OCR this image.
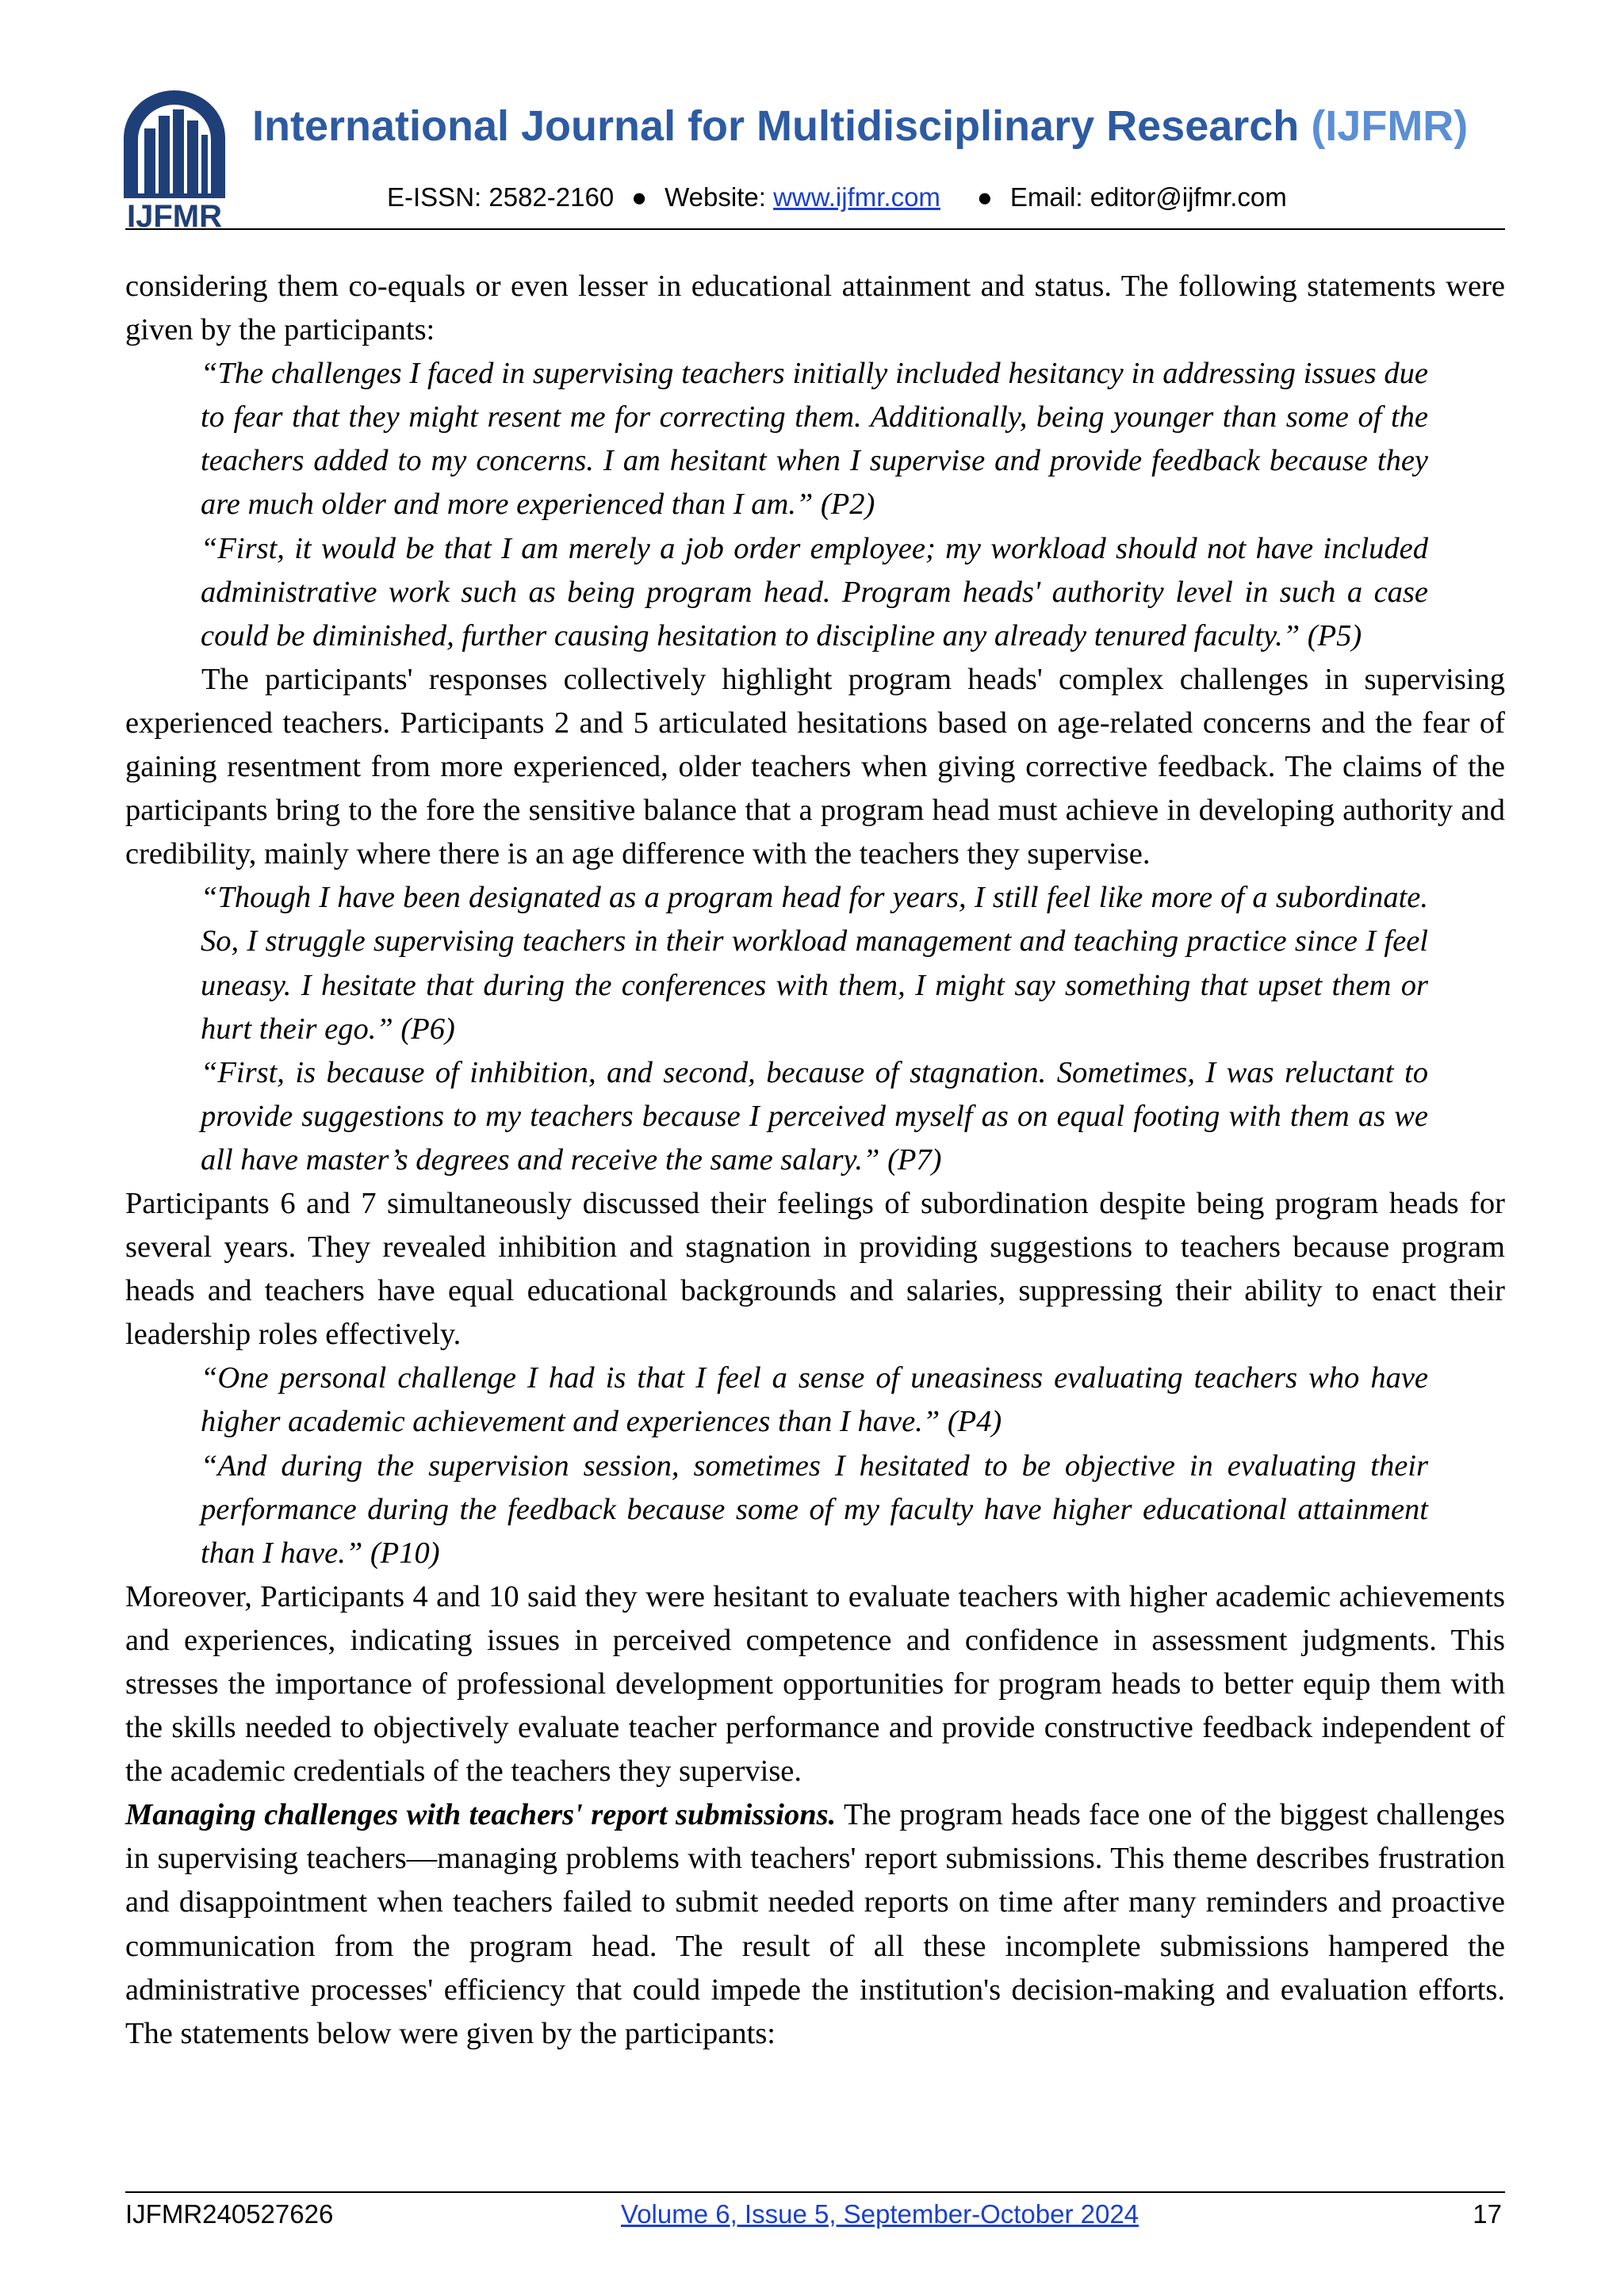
IJFMR
International Journal for Multidisciplinary Research (IJFMR)
E-ISSN: 2582-2160 ● Website: www.ijfmr.com ● Email: editor@ijfmr.com

considering them co-equals or even lesser in educational attainment and status. The following statements were given by the participants:

“The challenges I faced in supervising teachers initially included hesitancy in addressing issues due to fear that they might resent me for correcting them. Additionally, being younger than some of the teachers added to my concerns. I am hesitant when I supervise and provide feedback because they are much older and more experienced than I am.” (P2)

“First, it would be that I am merely a job order employee; my workload should not have included administrative work such as being program head. Program heads' authority level in such a case could be diminished, further causing hesitation to discipline any already tenured faculty.” (P5)

The participants' responses collectively highlight program heads' complex challenges in supervising experienced teachers. Participants 2 and 5 articulated hesitations based on age-related concerns and the fear of gaining resentment from more experienced, older teachers when giving corrective feedback. The claims of the participants bring to the fore the sensitive balance that a program head must achieve in developing authority and credibility, mainly where there is an age difference with the teachers they supervise.

“Though I have been designated as a program head for years, I still feel like more of a subordinate. So, I struggle supervising teachers in their workload management and teaching practice since I feel uneasy. I hesitate that during the conferences with them, I might say something that upset them or hurt their ego.” (P6)

“First, is because of inhibition, and second, because of stagnation. Sometimes, I was reluctant to provide suggestions to my teachers because I perceived myself as on equal footing with them as we all have master’s degrees and receive the same salary.” (P7)

Participants 6 and 7 simultaneously discussed their feelings of subordination despite being program heads for several years. They revealed inhibition and stagnation in providing suggestions to teachers because program heads and teachers have equal educational backgrounds and salaries, suppressing their ability to enact their leadership roles effectively.

“One personal challenge I had is that I feel a sense of uneasiness evaluating teachers who have higher academic achievement and experiences than I have.” (P4)

“And during the supervision session, sometimes I hesitated to be objective in evaluating their performance during the feedback because some of my faculty have higher educational attainment than I have.” (P10)

Moreover, Participants 4 and 10 said they were hesitant to evaluate teachers with higher academic achievements and experiences, indicating issues in perceived competence and confidence in assessment judgments. This stresses the importance of professional development opportunities for program heads to better equip them with the skills needed to objectively evaluate teacher performance and provide constructive feedback independent of the academic credentials of the teachers they supervise.

Managing challenges with teachers' report submissions. The program heads face one of the biggest challenges in supervising teachers—managing problems with teachers' report submissions. This theme describes frustration and disappointment when teachers failed to submit needed reports on time after many reminders and proactive communication from the program head. The result of all these incomplete submissions hampered the administrative processes' efficiency that could impede the institution's decision-making and evaluation efforts. The statements below were given by the participants:

IJFMR240527626	Volume 6, Issue 5, September-October 2024	17
